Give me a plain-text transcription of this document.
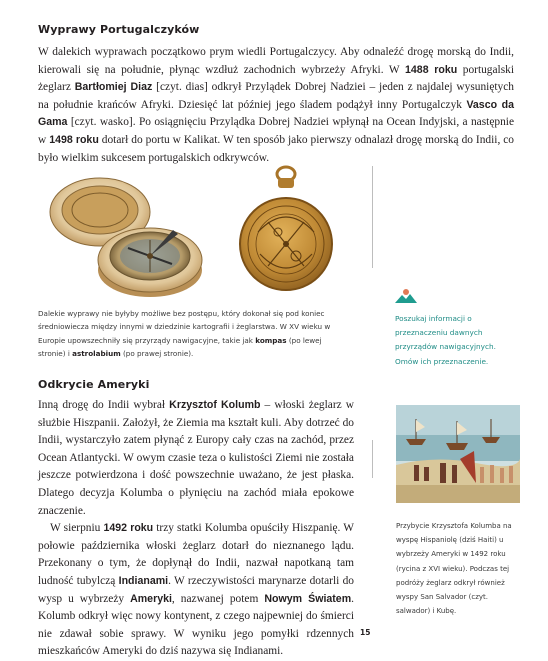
Wyprawy Portugalczyków

W dalekich wyprawach początkowo prym wiedli Portugalczycy. Aby odnaleźć drogę morską do Indii, kierowali się na południe, płynąc wzdłuż zachodnich wybrzeży Afryki. W 1488 roku portugalski żeglarz Bartłomiej Diaz [czyt. dias] odkrył Przylądek Dobrej Nadziei – jeden z najdalej wysuniętych na południe krańców Afryki. Dziesięć lat później jego śladem podążył inny Portugalczyk Vasco da Gama [czyt. wasko]. Po osiągnięciu Przylądka Dobrej Nadziei wpłynął na Ocean Indyjski, a następnie w 1498 roku dotarł do portu w Kalikat. W ten sposób jako pierwszy odnalazł drogę morską do Indii, co było wielkim sukcesem portugalskich odkrywców.

Dalekie wyprawy nie byłyby możliwe bez postępu, który dokonał się pod koniec średniowiecza między innymi w dziedzinie kartografii i żeglarstwa. W XV wieku w Europie upowszechniły się przyrządy nawigacyjne, takie jak kompas (po lewej stronie) i astrolabium (po prawej stronie).
Poszukaj informacji o przeznaczeniu dawnych przyrządów nawigacyjnych. Omów ich przeznaczenie.
Odkrycie Ameryki

Inną drogę do Indii wybrał Krzysztof Kolumb – włoski żeglarz w służbie Hiszpanii. Założył, że Ziemia ma kształt kuli. Aby dotrzeć do Indii, wystarczyło zatem płynąć z Europy cały czas na zachód, przez Ocean Atlantycki. W owym czasie teza o kulistości Ziemi nie została jeszcze potwierdzona i dość powszechnie uważano, że jest płaska. Dlatego decyzja Kolumba o płynięciu na zachód miała epokowe znaczenie.

W sierpniu 1492 roku trzy statki Kolumba opuściły Hiszpanię. W połowie października włoski żeglarz dotarł do nieznanego lądu. Przekonany o tym, że dopłynął do Indii, nazwał napotkaną tam ludność tubylczą Indianami. W rzeczywistości marynarze dotarli do wysp u wybrzeży Ameryki, nazwanej potem Nowym Światem. Kolumb odkrył więc nowy kontynent, z czego najpewniej do śmierci nie zdawał sobie sprawy. W wyniku jego pomyłki rdzennych mieszkańców Ameryki do dziś nazywa się Indianami.

Przybycie Krzysztofa Kolumba na wyspę Hispaniolę (dziś Haiti) u wybrzeży Ameryki w 1492 roku (rycina z XVI wieku). Podczas tej podróży żeglarz odkrył również wyspy San Salvador (czyt. salwador) i Kubę.
15
